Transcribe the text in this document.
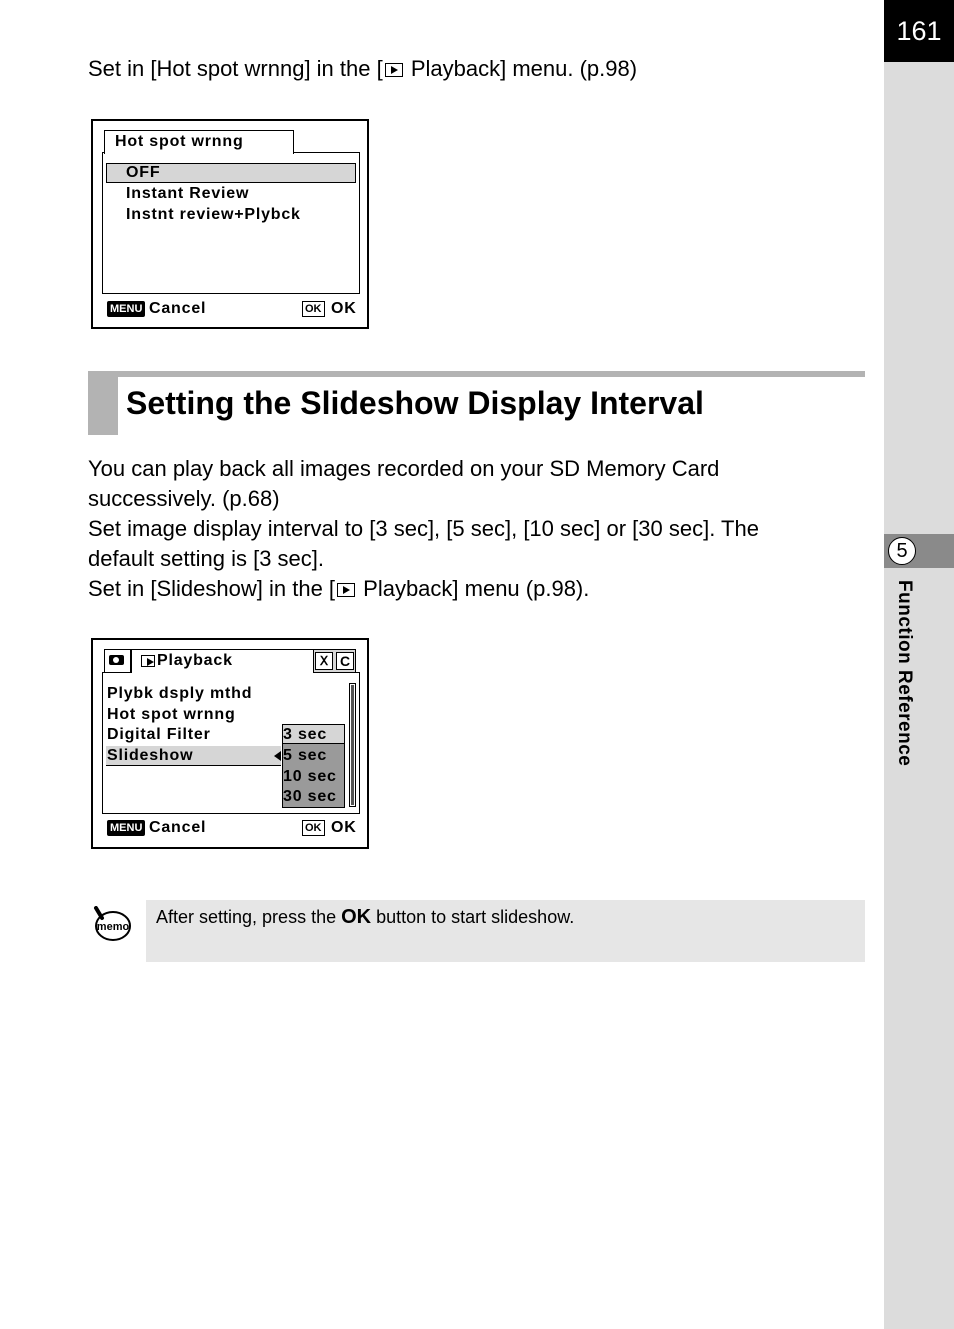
161
5
Function Reference

Set in [Hot spot wrnng] in the [ Playback] menu. (p.98)

Hot spot wrnng
OFF
Instant Review
Instnt review+Plybck
MENU Cancel	OK OK
Setting the Slideshow Display Interval

You can play back all images recorded on your SD Memory Card

successively. (p.68)

Set image display interval to [3 sec], [5 sec], [10 sec] or [30 sec]. The

default setting is [3 sec].

Set in [Slideshow] in the [ Playback] menu (p.98).

Playback	Ⅹ C
Plybk dsply mthd
Hot spot wrnng
Digital Filter
Slideshow
3 sec
5 sec
10 sec
30 sec
MENU Cancel	OK OK
memo After setting, press the OK button to start slideshow.
